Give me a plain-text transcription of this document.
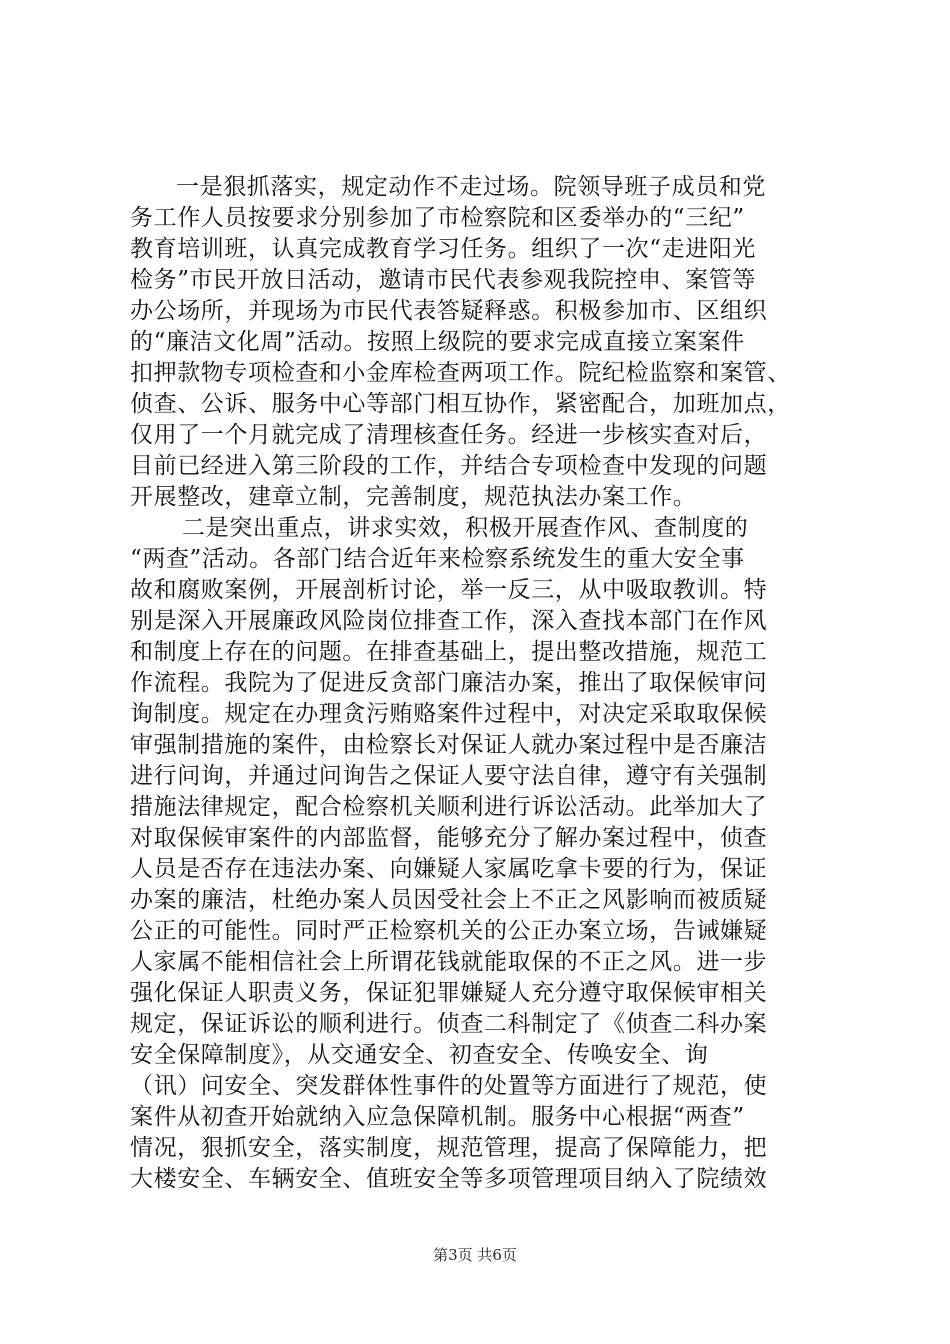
一是狠抓落实，规定动作不走过场。院领导班子成员和党
务工作人员按要求分别参加了市检察院和区委举办的“三纪”
教育培训班，认真完成教育学习任务。组织了一次“走进阳光
检务”市民开放日活动，邀请市民代表参观我院控申、案管等
办公场所，并现场为市民代表答疑释惑。积极参加市、区组织
的“廉洁文化周”活动。按照上级院的要求完成直接立案案件
扣押款物专项检查和小金库检查两项工作。院纪检监察和案管、
侦查、公诉、服务中心等部门相互协作，紧密配合，加班加点，
仅用了一个月就完成了清理核查任务。经进一步核实查对后，
目前已经进入第三阶段的工作，并结合专项检查中发现的问题
开展整改，建章立制，完善制度，规范执法办案工作。
二是突出重点，讲求实效，积极开展查作风、查制度的
“两查”活动。各部门结合近年来检察系统发生的重大安全事
故和腐败案例，开展剖析讨论，举一反三，从中吸取教训。特
别是深入开展廉政风险岗位排查工作，深入查找本部门在作风
和制度上存在的问题。在排查基础上，提出整改措施，规范工
作流程。我院为了促进反贪部门廉洁办案，推出了取保候审问
询制度。规定在办理贪污贿赂案件过程中，对决定采取取保候
审强制措施的案件，由检察长对保证人就办案过程中是否廉洁
进行问询，并通过问询告之保证人要守法自律，遵守有关强制
措施法律规定，配合检察机关顺利进行诉讼活动。此举加大了
对取保候审案件的内部监督，能够充分了解办案过程中，侦查
人员是否存在违法办案、向嫌疑人家属吃拿卡要的行为，保证
办案的廉洁，杜绝办案人员因受社会上不正之风影响而被质疑
公正的可能性。同时严正检察机关的公正办案立场，告诫嫌疑
人家属不能相信社会上所谓花钱就能取保的不正之风。进一步
强化保证人职责义务，保证犯罪嫌疑人充分遵守取保候审相关
规定，保证诉讼的顺利进行。侦查二科制定了《侦查二科办案
安全保障制度》，从交通安全、初查安全、传唤安全、询
（讯）问安全、突发群体性事件的处置等方面进行了规范，使
案件从初查开始就纳入应急保障机制。服务中心根据“两查”
情况，狠抓安全，落实制度，规范管理，提高了保障能力，把
大楼安全、车辆安全、值班安全等多项管理项目纳入了院绩效
第3页 共6页
